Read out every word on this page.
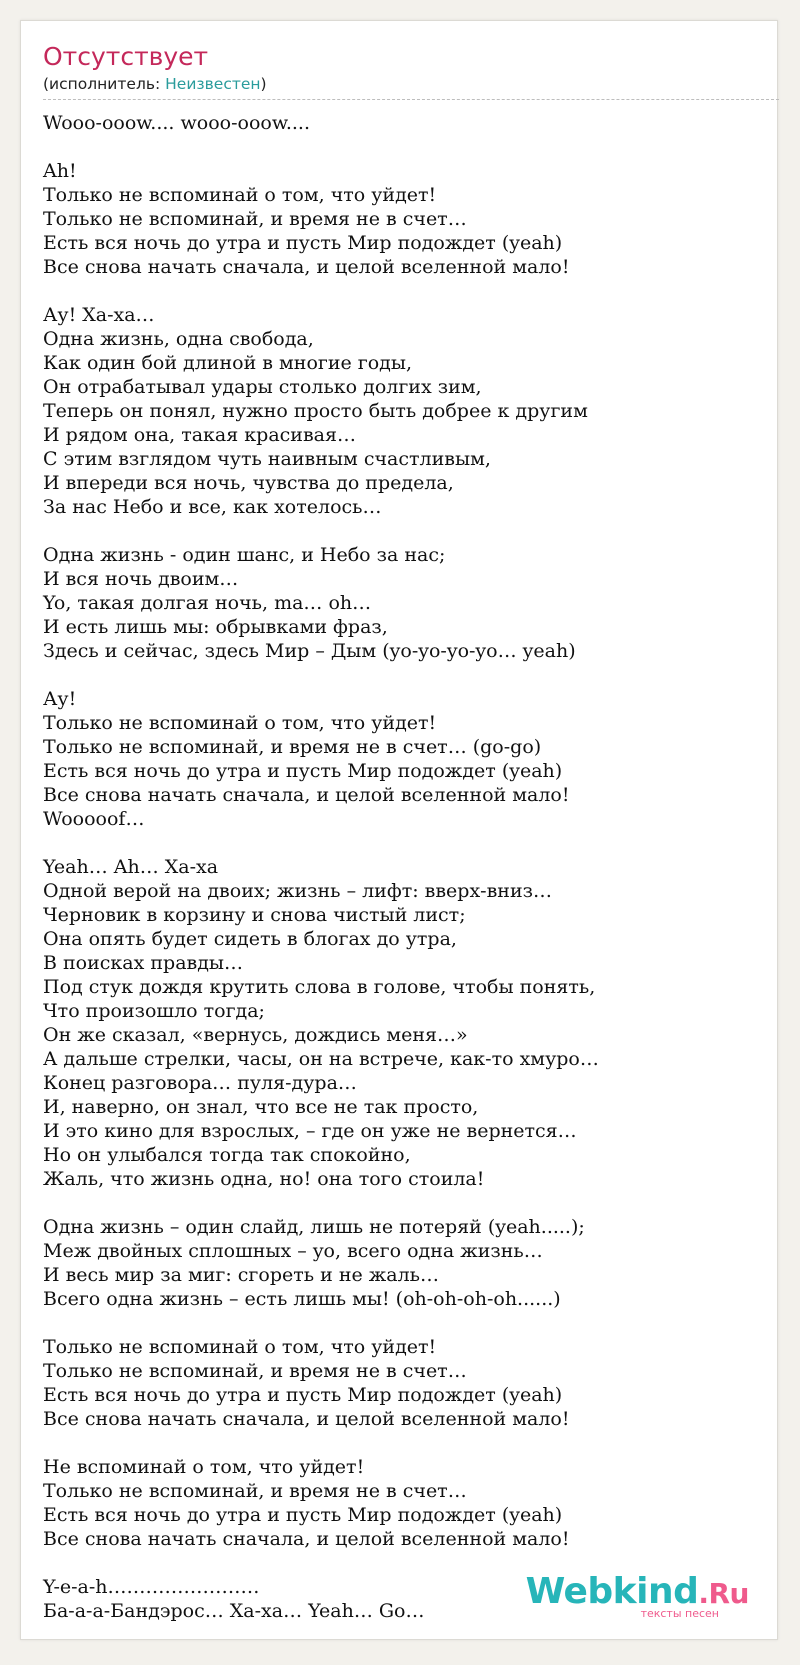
Отсутствует
(исполнитель: Неизвестен)
Wooo-ooow.... wooo-ooow....
Ah!
Только не вспоминай о том, что уйдет!
Только не вспоминай, и время не в счет…
Есть вся ночь до утра и пусть Мир подождет (yeah)
Все снова начать сначала, и целой вселенной мало!
Ау! Ха-ха…
Одна жизнь, одна свобода,
Как один бой длиной в многие годы,
Он отрабатывал удары столько долгих зим,
Теперь он понял, нужно просто быть добрее к другим
И рядом она, такая красивая…
С этим взглядом чуть наивным счастливым,
И впереди вся ночь, чувства до предела,
За нас Небо и все, как хотелось…
Одна жизнь - один шанс, и Небо за нас;
И вся ночь двоим…
Yo, такая долгая ночь, ma… oh…
И есть лишь мы: обрывками фраз,
Здесь и сейчас, здесь Мир – Дым (yo-yo-yo-yo… yeah)
Ау!
Только не вспоминай о том, что уйдет!
Только не вспоминай, и время не в счет… (go-go)
Есть вся ночь до утра и пусть Мир подождет (yeah)
Все снова начать сначала, и целой вселенной мало!
Wooooof…
Yeah… Ah… Ха-ха
Одной верой на двоих; жизнь – лифт: вверх-вниз…
Черновик в корзину и снова чистый лист;
Она опять будет сидеть в блогах до утра,
В поисках правды…
Под стук дождя крутить слова в голове, чтобы понять,
Что произошло тогда;
Он же сказал, «вернусь, дождись меня…»
А дальше стрелки, часы, он на встрече, как-то хмуро…
Конец разговора… пуля-дура…
И, наверно, он знал, что все не так просто,
И это кино для взрослых, – где он уже не вернется…
Но он улыбался тогда так спокойно,
Жаль, что жизнь одна, но! она того стоила!
Одна жизнь – один слайд, лишь не потеряй (yeah.....);
Меж двойных сплошных – yo, всего одна жизнь…
И весь мир за миг: сгореть и не жаль…
Всего одна жизнь – есть лишь мы! (oh-oh-oh-oh......)
Только не вспоминай о том, что уйдет!
Только не вспоминай, и время не в счет…
Есть вся ночь до утра и пусть Мир подождет (yeah)
Все снова начать сначала, и целой вселенной мало!
Не вспоминай о том, что уйдет!
Только не вспоминай, и время не в счет…
Есть вся ночь до утра и пусть Мир подождет (yeah)
Все снова начать сначала, и целой вселенной мало!
Y-e-a-h……………………
Ба-а-а-Бандэрос… Ха-ха… Yeah… Go…	Webkind.Ru
тексты песен
